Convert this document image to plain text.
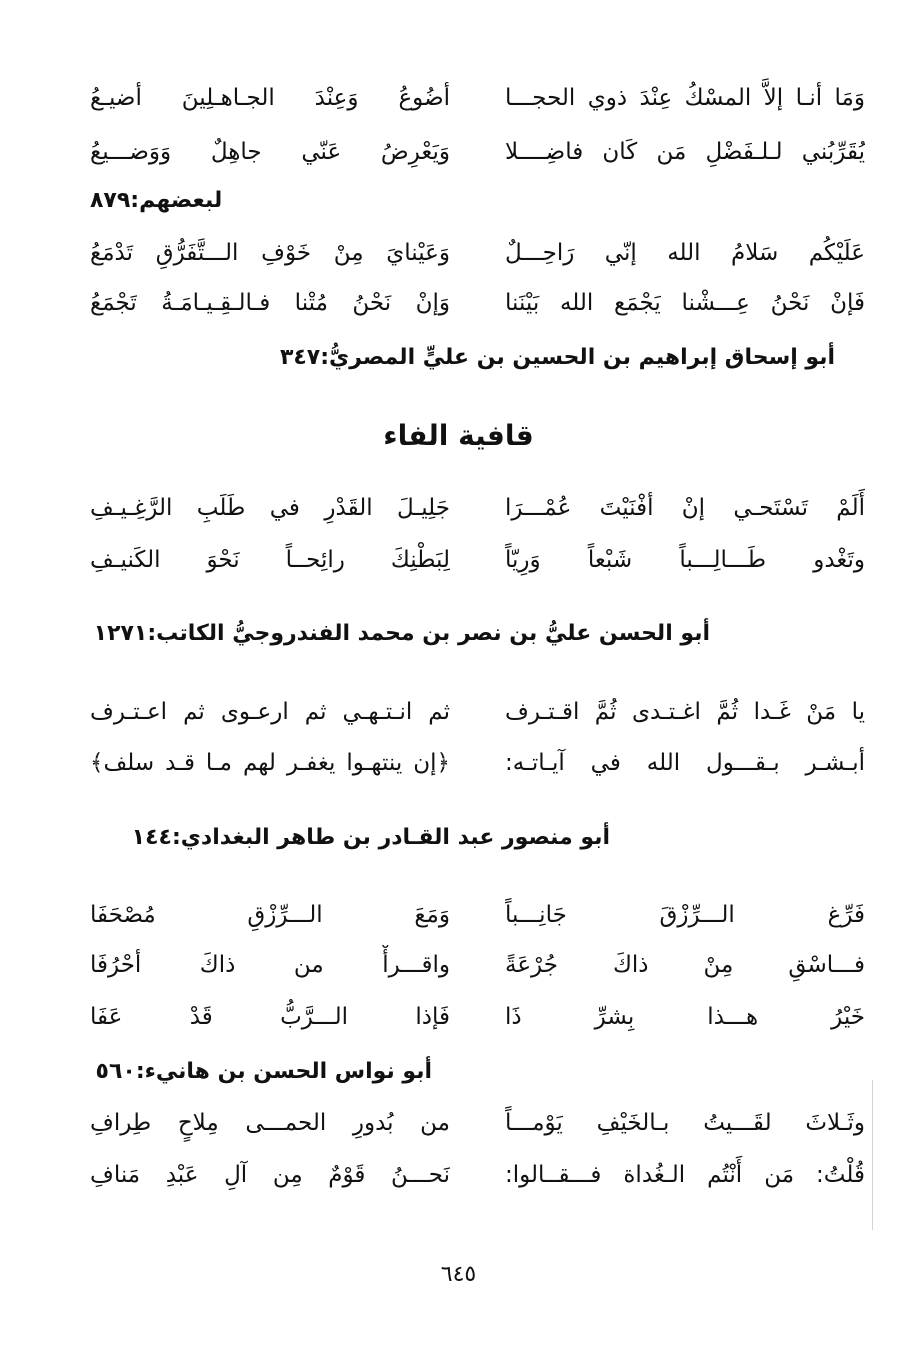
وَمَا أنـا إلاَّ المسْكُ عِنْدَ ذوي الحجـــا
أضُوعُ وَعِنْدَ الجـاهـلِينَ أضيـعُ
يُقَرِّبُني لـلـفَضْلِ مَن كَان فاضِــــلا
وَيَعْرِضُ عَنّي جاهِلٌ وَوَضـــيعُ
لبعضهم:٨٧٩
عَلَيْكُم سَلامُ الله إنّي رَاحِـــلٌ
وَعَيْنايَ مِنْ خَوْفِ الـــتَّفَرُّقِ تَدْمَعُ
فَإنْ نَحْنُ عِـــشْنا يَجْمَع الله بَيْنَنا
وَإنْ نَحْنُ مُتْنا فـالـقِـيـامَـةُ تَجْمَعُ
أبو إسحاق إبراهيم بن الحسين بن عليٍّ المصريُّ:٣٤٧
قافية الفاء
أَلَمْ تَسْتَحـي إنْ أفْنَيْتَ عُمْـــرَا
جَلِيـلَ القَدْرِ في طَلَبِ الرَّغِـيـفِ
وتَغْدو طَـــالِـــباً شَبْعاً وَرِيّاً
لِبَطْنِكَ رائِحــاً نَحْوَ الكَنيـفِ
أبو الحسن عليُّ بن نصر بن محمد الفندروجيُّ الكاتب:١٢٧١
يا مَنْ غَـدا ثُمَّ اغـتـدى ثُمَّ اقـتـرف
ثم انـتـهـي ثم ارعـوى ثم اعـتـرف
أبـشـر بـقـــول الله في آيـاتـه:
﴿إن ينتهـوا يغفـر لهم مـا قـد سلف﴾
أبو منصور عبد القـادر بن طاهر البغدادي:١٤٤
فَرِّغ الـــرِّزْقَ جَانِـــباً
وَمَعَ الـــرِّزْقِ مُصْحَفَا
فـــاسْقِ مِنْ ذاكَ جُرْعَةً
واقـــرأْ من ذاكَ أحْرُفَا
خَيْرُ هـــذا بِشرِّ ذَا
فَإذا الـــرَّبُّ قَدْ عَفَا
أبو نواس الحسن بن هانيء:٥٦٠
وثَـلاثَ لقَـــيتُ بـالخَيْفِ يَوْمـــاً
من بُدورِ الحمـــى مِلاحٍ طِرافِ
قُلْتُ: مَن أَنْتُم الـغُداة فـــقــالوا:
نَحـــنُ قَوْمٌ مِن آلِ عَبْدِ مَنافِ
٦٤٥
